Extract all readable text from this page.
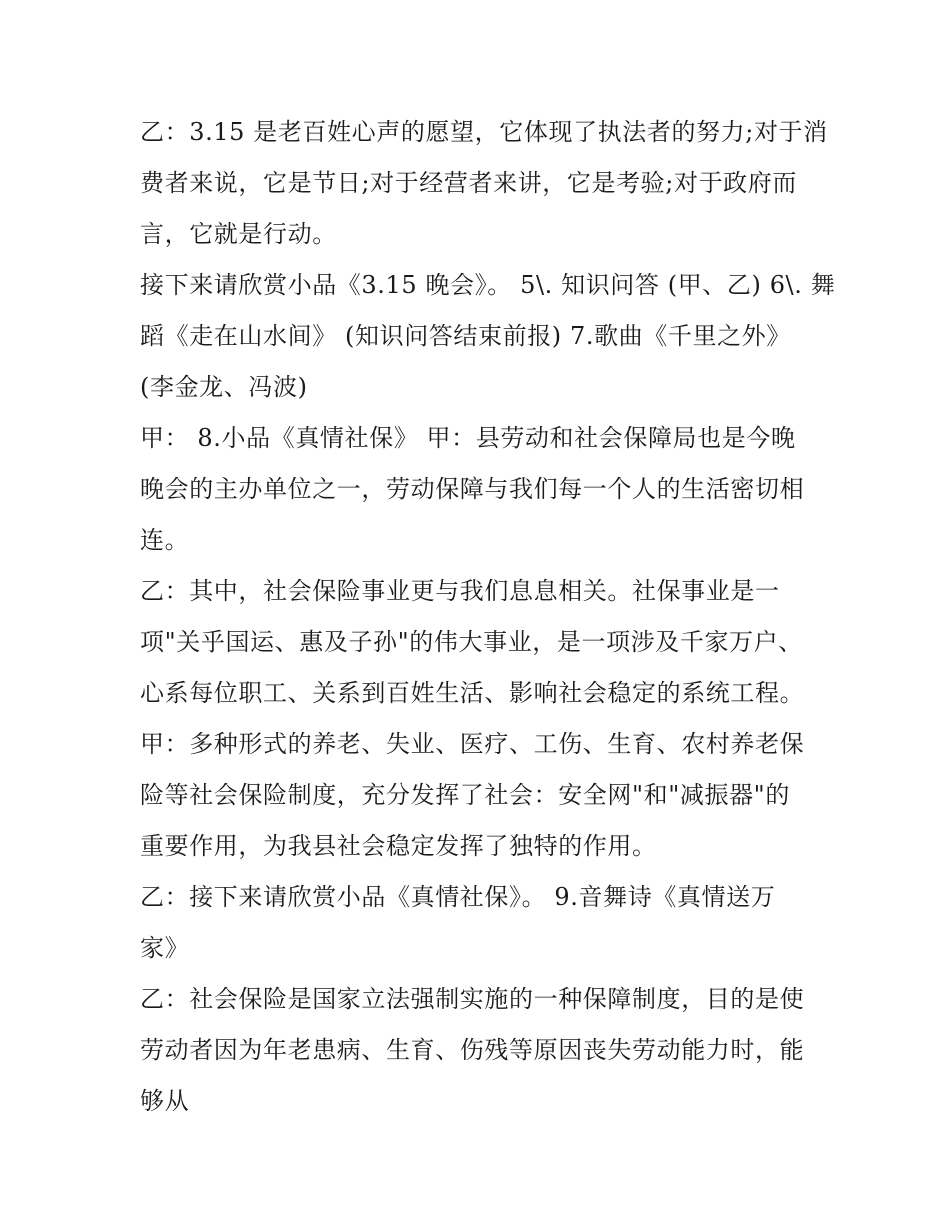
乙：3.15 是老百姓心声的愿望，它体现了执法者的努力;对于消
费者来说，它是节日;对于经营者来讲，它是考验;对于政府而
言，它就是行动。

接下来请欣赏小品《3.15 晚会》。 5\. 知识问答 (甲、乙) 6\. 舞
蹈《走在山水间》 (知识问答结束前报) 7.歌曲《千里之外》
(李金龙、冯波)

甲： 8.小品《真情社保》 甲：县劳动和社会保障局也是今晚
晚会的主办单位之一，劳动保障与我们每一个人的生活密切相
连。

乙：其中，社会保险事业更与我们息息相关。社保事业是一
项"关乎国运、惠及子孙"的伟大事业，是一项涉及千家万户、
心系每位职工、关系到百姓生活、影响社会稳定的系统工程。

甲：多种形式的养老、失业、医疗、工伤、生育、农村养老保
险等社会保险制度，充分发挥了社会：安全网"和"减振器"的
重要作用，为我县社会稳定发挥了独特的作用。

乙：接下来请欣赏小品《真情社保》。 9.音舞诗《真情送万
家》

乙：社会保险是国家立法强制实施的一种保障制度，目的是使
劳动者因为年老患病、生育、伤残等原因丧失劳动能力时，能
够从
